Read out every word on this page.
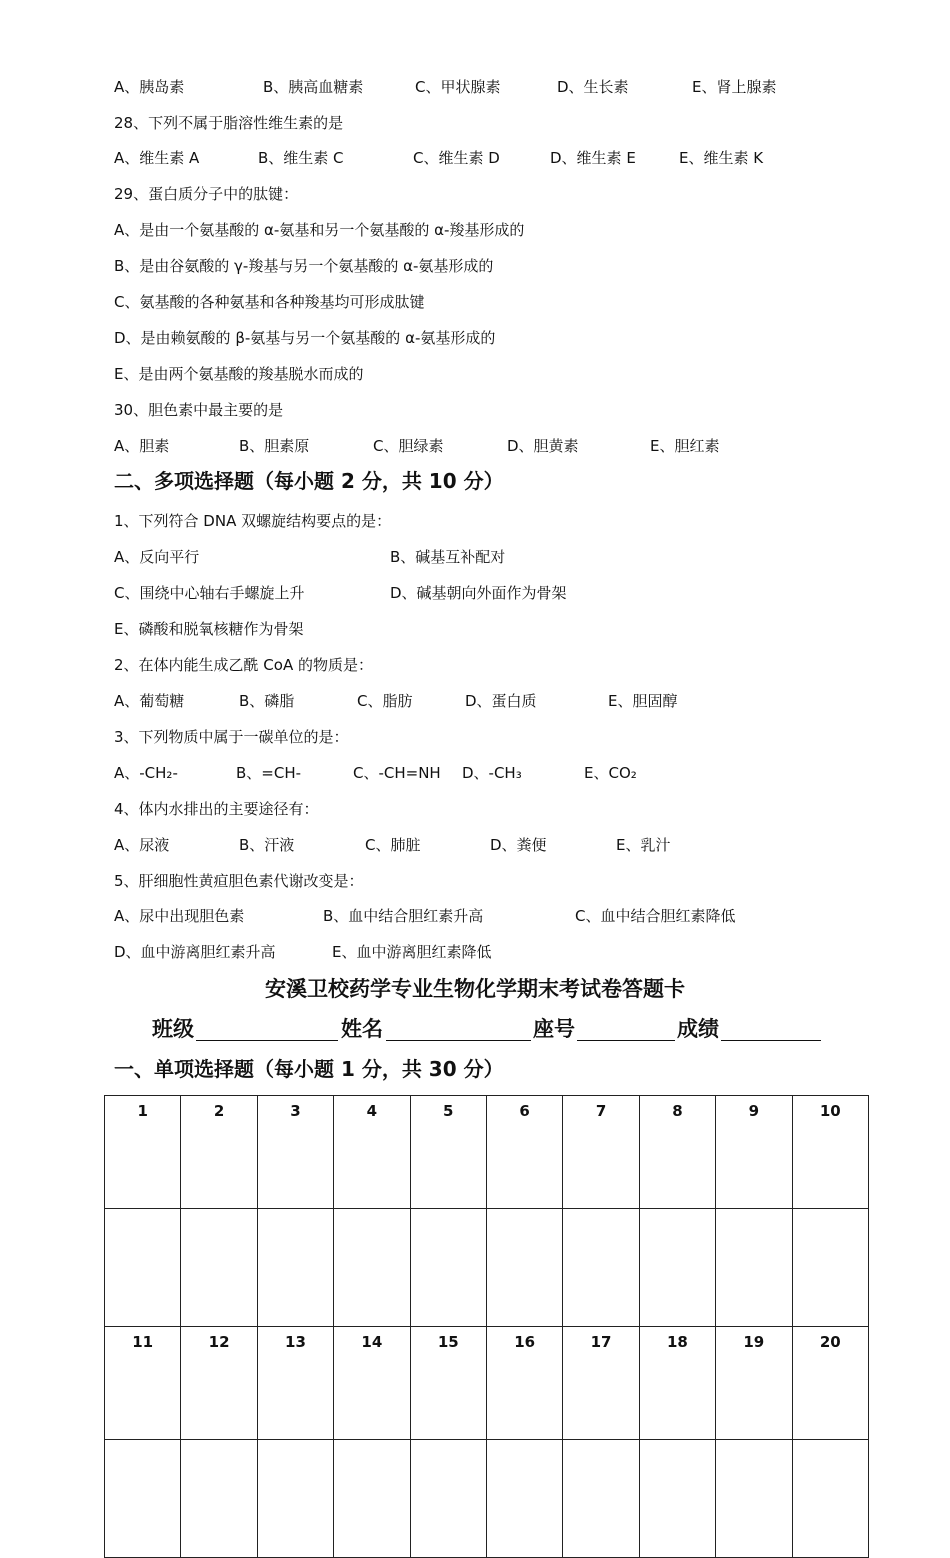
A、胰岛素	B、胰高血糖素	C、甲状腺素	D、生长素	E、肾上腺素
28、下列不属于脂溶性维生素的是
A、维生素 A	B、维生素 C	C、维生素 D	D、维生素 E	E、维生素 K
29、蛋白质分子中的肽键：
A、是由一个氨基酸的 α-氨基和另一个氨基酸的 α-羧基形成的
B、是由谷氨酸的 γ-羧基与另一个氨基酸的 α-氨基形成的
C、氨基酸的各种氨基和各种羧基均可形成肽键
D、是由赖氨酸的 β-氨基与另一个氨基酸的 α-氨基形成的
E、是由两个氨基酸的羧基脱水而成的
30、胆色素中最主要的是
A、胆素	B、胆素原	C、胆绿素	D、胆黄素	E、胆红素
二、多项选择题（每小题 2 分，共 10 分）
1、下列符合 DNA 双螺旋结构要点的是：
A、反向平行	B、碱基互补配对
C、围绕中心轴右手螺旋上升	D、碱基朝向外面作为骨架
E、磷酸和脱氧核糖作为骨架
2、在体内能生成乙酰 CoA 的物质是：
A、葡萄糖	B、磷脂	C、脂肪	D、蛋白质	E、胆固醇
3、下列物质中属于一碳单位的是：
A、-CH₂-	B、=CH-	C、-CH=NH D、-CH₃	E、CO₂
4、体内水排出的主要途径有：
A、尿液	B、汗液	C、肺脏	D、粪便	E、乳汁
5、肝细胞性黄疸胆色素代谢改变是：
A、尿中出现胆色素	B、血中结合胆红素升高	C、血中结合胆红素降低
D、血中游离胆红素升高	E、血中游离胆红素降低
安溪卫校药学专业生物化学期末考试卷答题卡
班级	姓名	座号	成绩
一、单项选择题（每小题 1 分，共 30 分）
1	2	3	4	5	6	7	8	9	10

11	12	13	14	15	16	17	18	19	20
